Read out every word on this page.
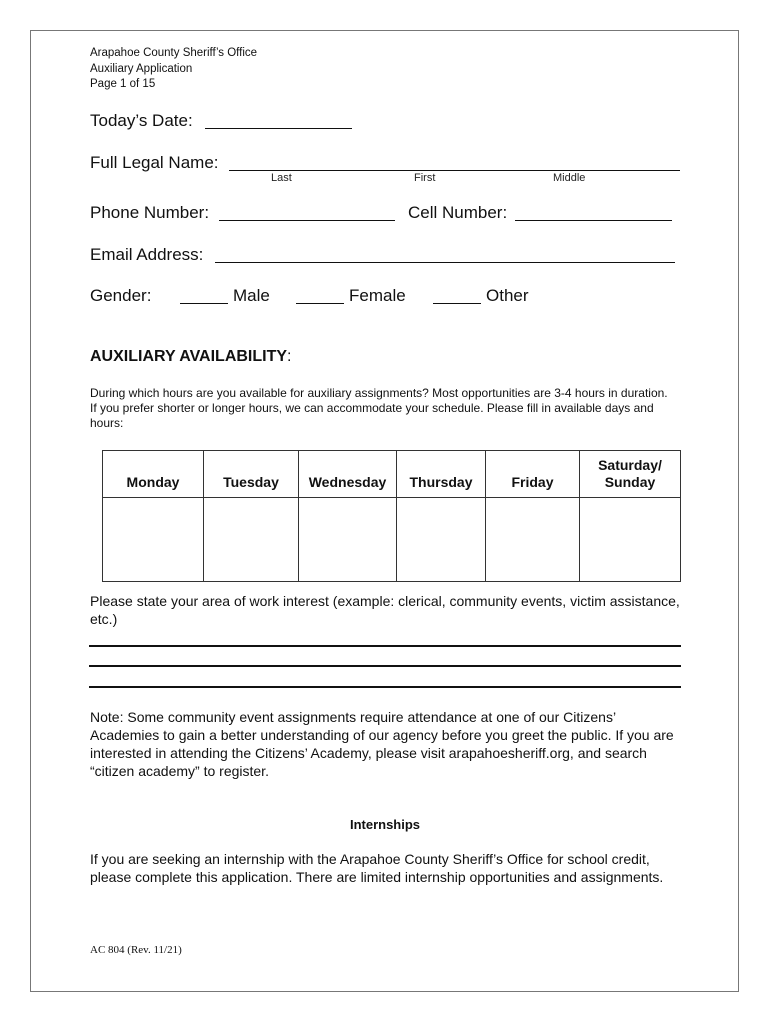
Arapahoe County Sheriff’s Office
Auxiliary Application
Page 1 of 15
Today’s Date:
Full Legal Name:
Last	First	Middle
Phone Number:	Cell Number:
Email Address:
Gender:	Male	Female	Other
AUXILIARY AVAILABILITY:
During which hours are you available for auxiliary assignments? Most opportunities are 3-4 hours in duration. If you prefer shorter or longer hours, we can accommodate your schedule. Please fill in available days and hours:
Monday	Tuesday	Wednesday	Thursday	Friday	Saturday/ Sunday

Please state your area of work interest (example: clerical, community events, victim assistance, etc.)
Note: Some community event assignments require attendance at one of our Citizens’ Academies to gain a better understanding of our agency before you greet the public. If you are interested in attending the Citizens’ Academy, please visit arapahoesheriff.org, and search “citizen academy” to register.
Internships
If you are seeking an internship with the Arapahoe County Sheriff’s Office for school credit, please complete this application. There are limited internship opportunities and assignments.
AC 804 (Rev. 11/21)
